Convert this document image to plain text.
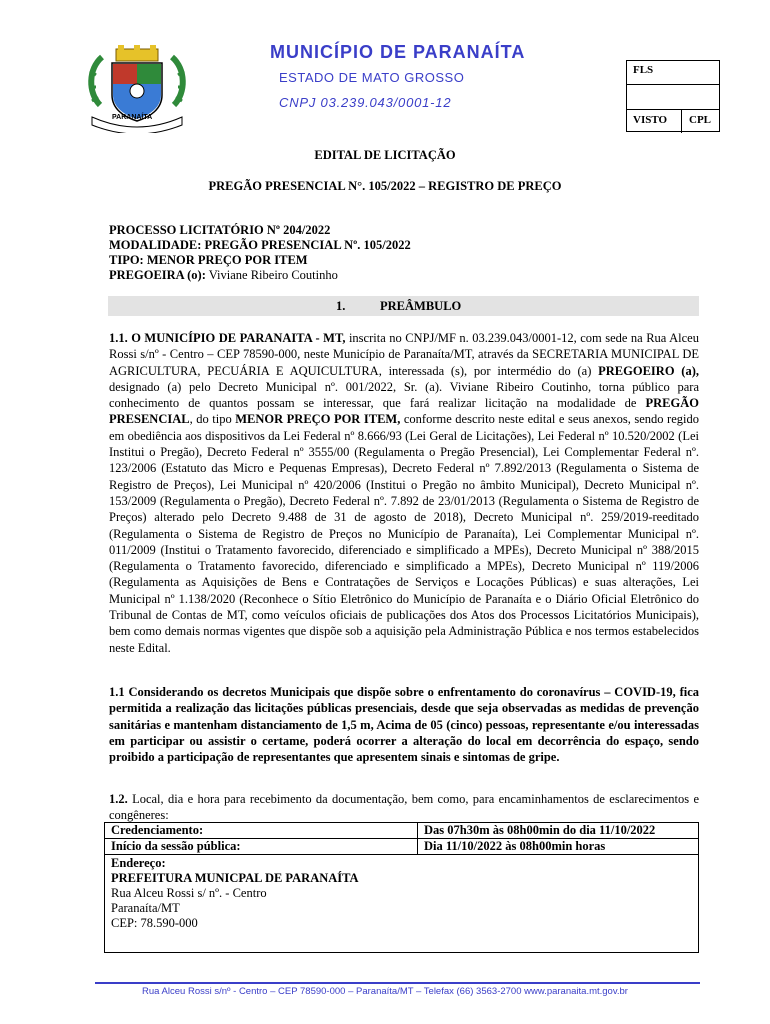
PARANAÍTA
MUNICÍPIO DE PARANAÍTA
ESTADO DE MATO GROSSO
CNPJ 03.239.043/0001-12
FLS
VISTO CPL
EDITAL DE LICITAÇÃO
PREGÃO PRESENCIAL N°. 105/2022 – REGISTRO DE PREÇO
PROCESSO LICITATÓRIO Nº 204/2022
MODALIDADE: PREGÃO PRESENCIAL Nº. 105/2022
TIPO: MENOR PREÇO POR ITEM
PREGOEIRA (o): Viviane Ribeiro Coutinho
1.	PREÂMBULO
1.1. O MUNICÍPIO DE PARANAITA - MT, inscrita no CNPJ/MF n. 03.239.043/0001-12, com sede na Rua Alceu Rossi s/nº - Centro – CEP 78590-000, neste Município de Paranaíta/MT, através da SECRETARIA MUNICIPAL DE AGRICULTURA, PECUÁRIA E AQUICULTURA, interessada (s), por intermédio do (a) PREGOEIRO (a), designado (a) pelo Decreto Municipal nº. 001/2022, Sr. (a). Viviane Ribeiro Coutinho, torna público para conhecimento de quantos possam se interessar, que fará realizar licitação na modalidade de PREGÃO PRESENCIAL, do tipo MENOR PREÇO POR ITEM, conforme descrito neste edital e seus anexos, sendo regido em obediência aos dispositivos da Lei Federal nº 8.666/93 (Lei Geral de Licitações), Lei Federal nº 10.520/2002 (Lei Institui o Pregão), Decreto Federal nº 3555/00 (Regulamenta o Pregão Presencial), Lei Complementar Federal nº. 123/2006 (Estatuto das Micro e Pequenas Empresas), Decreto Federal nº 7.892/2013 (Regulamenta o Sistema de Registro de Preços), Lei Municipal nº 420/2006 (Institui o Pregão no âmbito Municipal), Decreto Municipal nº. 153/2009 (Regulamenta o Pregão), Decreto Federal nº. 7.892 de 23/01/2013 (Regulamenta o Sistema de Registro de Preços) alterado pelo Decreto 9.488 de 31 de agosto de 2018), Decreto Municipal nº. 259/2019-reeditado (Regulamenta o Sistema de Registro de Preços no Município de Paranaíta), Lei Complementar Municipal nº. 011/2009 (Institui o Tratamento favorecido, diferenciado e simplificado a MPEs), Decreto Municipal nº 388/2015 (Regulamenta o Tratamento favorecido, diferenciado e simplificado a MPEs), Decreto Municipal nº 119/2006 (Regulamenta as Aquisições de Bens e Contratações de Serviços e Locações Públicas) e suas alterações, Lei Municipal nº 1.138/2020 (Reconhece o Sítio Eletrônico do Município de Paranaíta e o Diário Oficial Eletrônico do Tribunal de Contas de MT, como veículos oficiais de publicações dos Atos dos Processos Licitatórios Municipais), bem como demais normas vigentes que dispõe sob a aquisição pela Administração Pública e nos termos estabelecidos neste Edital.
1.1 Considerando os decretos Municipais que dispõe sobre o enfrentamento do coronavírus – COVID-19, fica permitida a realização das licitações públicas presenciais, desde que seja observadas as medidas de prevenção sanitárias e mantenham distanciamento de 1,5 m, Acima de 05 (cinco) pessoas, representante e/ou interessadas em participar ou assistir o certame, poderá ocorrer a alteração do local em decorrência do espaço, sendo proibido a participação de representantes que apresentem sinais e sintomas de gripe.
1.2. Local, dia e hora para recebimento da documentação, bem como, para encaminhamentos de esclarecimentos e congêneres:
Credenciamento:	Das 07h30m às 08h00min do dia 11/10/2022
Início da sessão pública:	Dia 11/10/2022 às 08h00min horas

Endereço:
PREFEITURA MUNICPAL DE PARANAÍTA
Rua Alceu Rossi s/ nº. - Centro
Paranaíta/MT
CEP: 78.590-000	
Rua Alceu Rossi s/nº - Centro – CEP 78590-000 – Paranaíta/MT – Telefax (66) 3563-2700 www.paranaita.mt.gov.br
